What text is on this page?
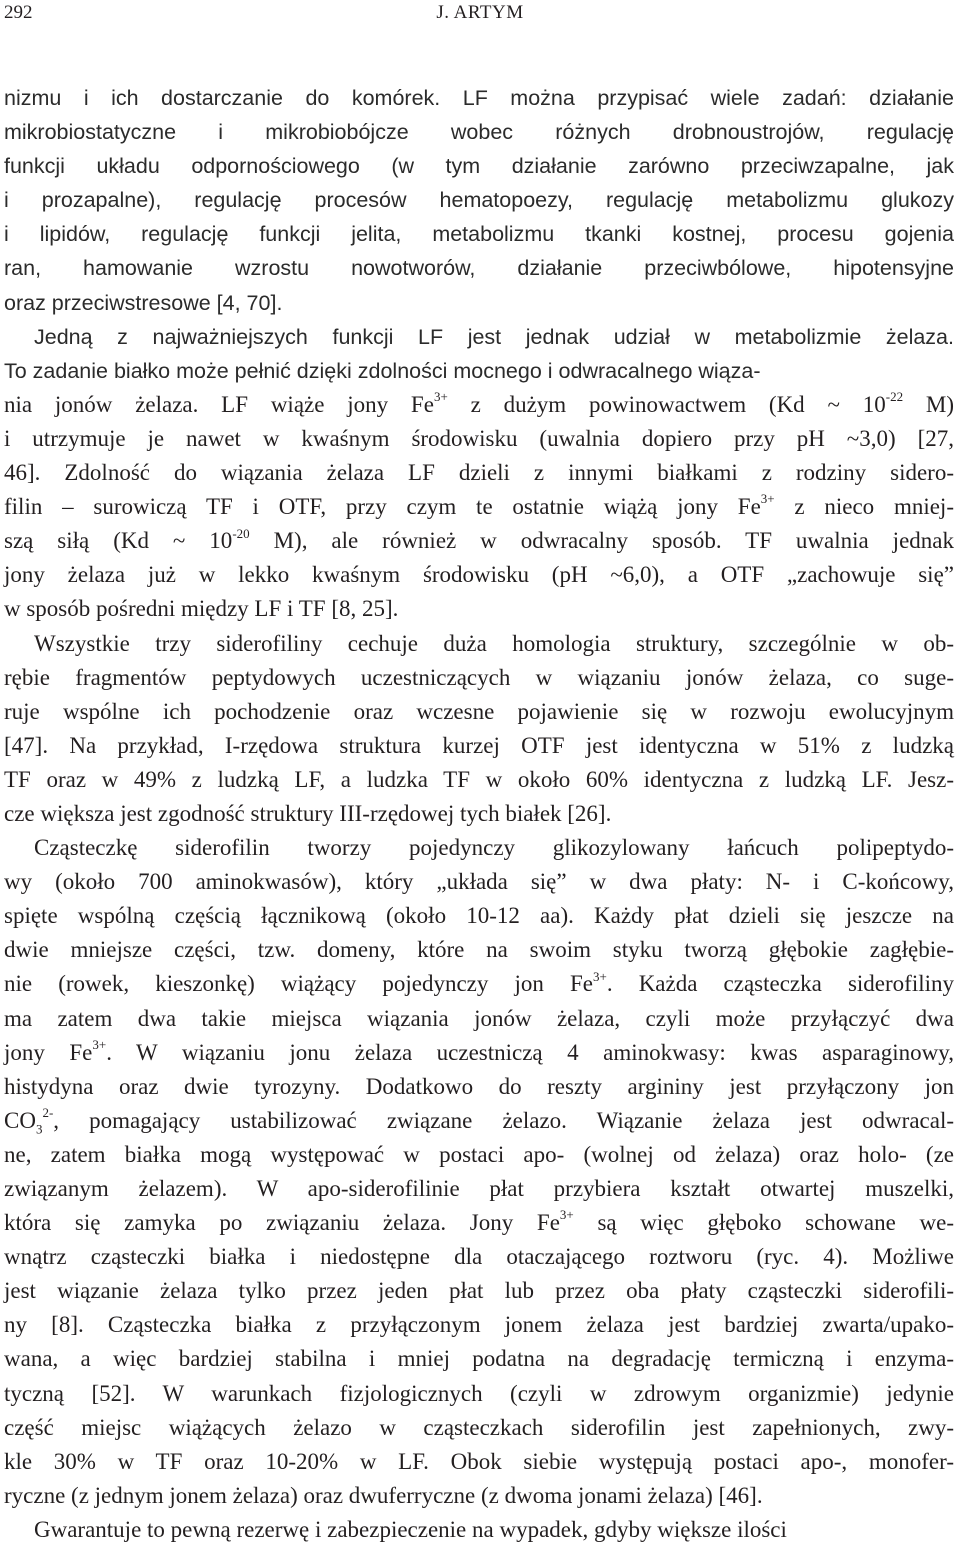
292	J. ARTYM
nizmu i ich dostarczanie do komórek. LF można przypisać wiele zadań: działanie
mikrobiostatyczne i mikrobiobójcze wobec różnych drobnoustrojów, regulację
funkcji układu odpornościowego (w tym działanie zarówno przeciwzapalne, jak
i prozapalne), regulację procesów hematopoezy, regulację metabolizmu glukozy
i lipidów, regulację funkcji jelita, metabolizmu tkanki kostnej, procesu gojenia
ran, hamowanie wzrostu nowotworów, działanie przeciwbólowe, hipotensyjne
oraz przeciwstresowe [4, 70].
Jedną z najważniejszych funkcji LF jest jednak udział w metabolizmie żelaza.
To zadanie białko może pełnić dzięki zdolności mocnego i odwracalnego wiąza-
nia jonów żelaza. LF wiąże jony $Fe^{3+}$ z dużym powinowactwem (Kd ~ $10^{-22}$ M)
i utrzymuje je nawet w kwaśnym środowisku (uwalnia dopiero przy pH ~3,0) [27,
46]. Zdolność do wiązania żelaza LF dzieli z innymi białkami z rodziny sidero-
filin – surowiczą TF i OTF, przy czym te ostatnie wiążą jony $Fe^{3+}$ z nieco mniej-
szą siłą (Kd ~ $10^{-20}$ M), ale również w odwracalny sposób. TF uwalnia jednak
jony żelaza już w lekko kwaśnym środowisku (pH ~6,0), a OTF „zachowuje się”
w sposób pośredni między LF i TF [8, 25].
Wszystkie trzy siderofiliny cechuje duża homologia struktury, szczególnie w ob-
rębie fragmentów peptydowych uczestniczących w wiązaniu jonów żelaza, co suge-
ruje wspólne ich pochodzenie oraz wczesne pojawienie się w rozwoju ewolucyjnym
[47]. Na przykład, I-rzędowa struktura kurzej OTF jest identyczna w 51% z ludzką
TF oraz w 49% z ludzką LF, a ludzka TF w około 60% identyczna z ludzką LF. Jesz-
cze większa jest zgodność struktury III-rzędowej tych białek [26].
Cząsteczkę siderofilin tworzy pojedynczy glikozylowany łańcuch polipeptydo-
wy (około 700 aminokwasów), który „układa się” w dwa płaty: N- i C-końcowy,
spięte wspólną częścią łącznikową (około 10-12 aa). Każdy płat dzieli się jeszcze na
dwie mniejsze części, tzw. domeny, które na swoim styku tworzą głębokie zagłębie-
nie (rowek, kieszonkę) wiążący pojedynczy jon $Fe^{3+}$. Każda cząsteczka siderofiliny
ma zatem dwa takie miejsca wiązania jonów żelaza, czyli może przyłączyć dwa
jony $Fe^{3+}$. W wiązaniu jonu żelaza uczestniczą 4 aminokwasy: kwas asparaginowy,
histydyna oraz dwie tyrozyny. Dodatkowo do reszty argininy jest przyłączony jon
$CO_3^{2-}$, pomagający ustabilizować związane żelazo. Wiązanie żelaza jest odwracal-
ne, zatem białka mogą występować w postaci apo- (wolnej od żelaza) oraz holo- (ze
związanym żelazem). W apo-siderofilinie płat przybiera kształt otwartej muszelki,
która się zamyka po związaniu żelaza. Jony $Fe^{3+}$ są więc głęboko schowane we-
wnątrz cząsteczki białka i niedostępne dla otaczającego roztworu (ryc. 4). Możliwe
jest wiązanie żelaza tylko przez jeden płat lub przez oba płaty cząsteczki siderofili-
ny [8]. Cząsteczka białka z przyłączonym jonem żelaza jest bardziej zwarta/upako-
wana, a więc bardziej stabilna i mniej podatna na degradację termiczną i enzyma-
tyczną [52]. W warunkach fizjologicznych (czyli w zdrowym organizmie) jedynie
część miejsc wiążących żelazo w cząsteczkach siderofilin jest zapełnionych, zwy-
kle 30% w TF oraz 10-20% w LF. Obok siebie występują postaci apo-, monofer-
ryczne (z jednym jonem żelaza) oraz dwuferryczne (z dwoma jonami żelaza) [46].
Gwarantuje to pewną rezerwę i zabezpieczenie na wypadek, gdyby większe ilości
